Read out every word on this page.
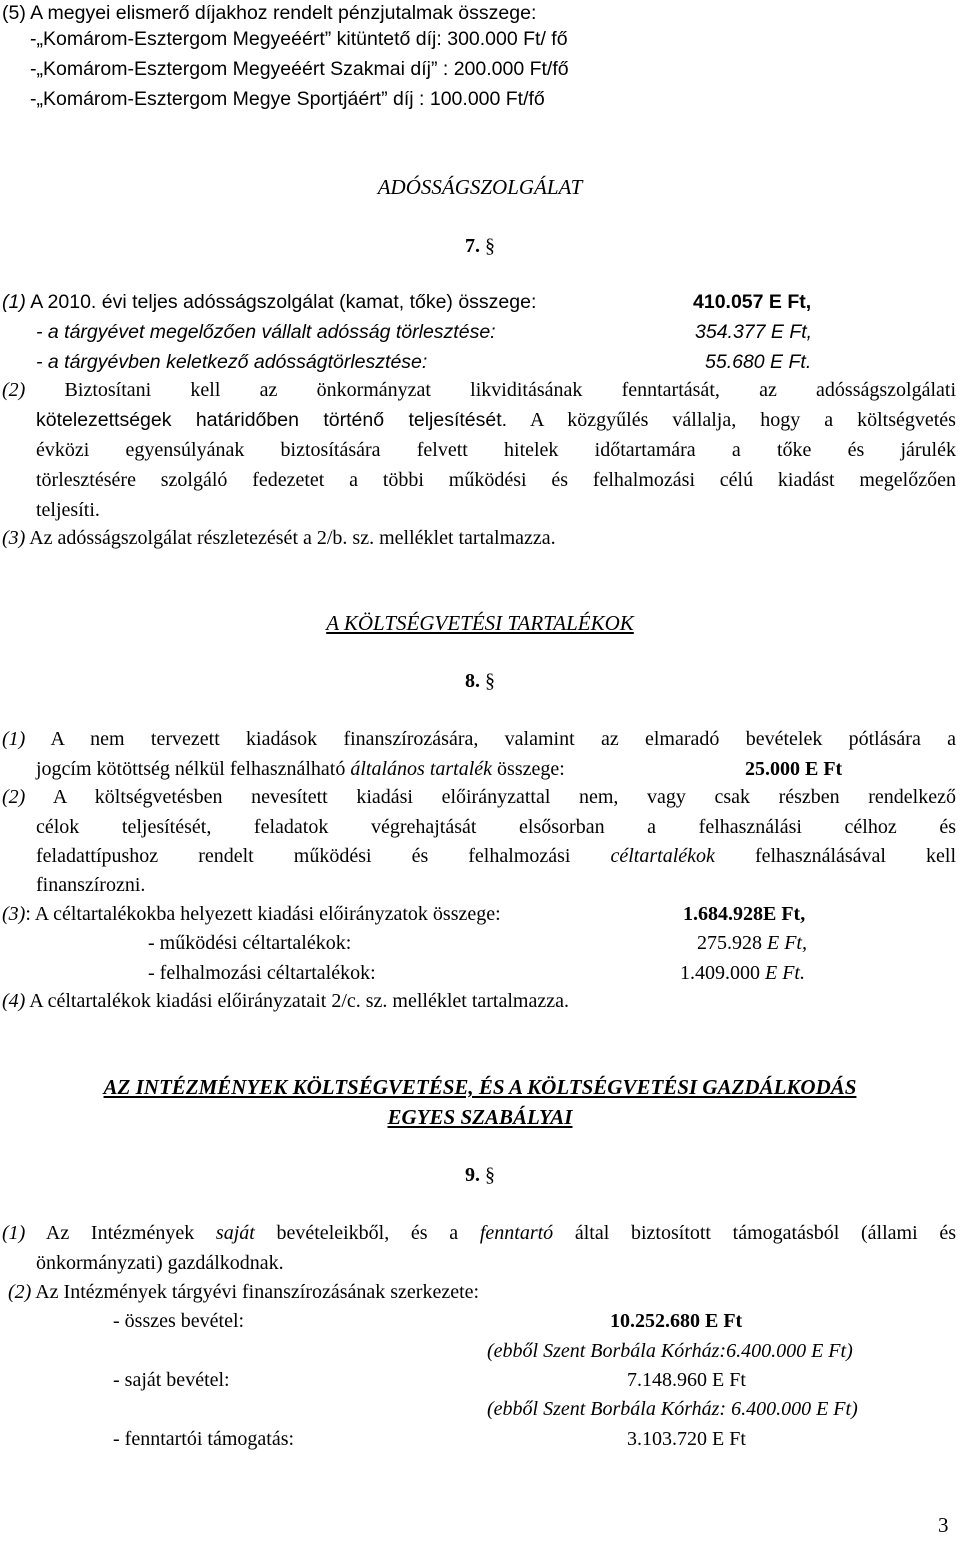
(5) A megyei elismerő díjakhoz rendelt pénzjutalmak összege:
-„Komárom-Esztergom Megyeéért” kitüntető díj: 300.000 Ft/ fő
-„Komárom-Esztergom Megyeéért Szakmai díj” : 200.000 Ft/fő
-„Komárom-Esztergom Megye Sportjáért” díj : 100.000 Ft/fő
ADÓSSÁGSZOLGÁLAT
7. §
(1) A 2010. évi teljes adósságszolgálat (kamat, tőke) összege:	410.057 E Ft,
- a tárgyévet megelőzően vállalt adósság törlesztése:	354.377 E Ft,
- a tárgyévben keletkező adósságtörlesztése:	55.680 E Ft.
(2) Biztosítani kell az önkormányzat likviditásának fenntartását, az adósságszolgálati
kötelezettségek határidőben történő teljesítését. A közgyűlés vállalja, hogy a költségvetés
évközi egyensúlyának biztosítására felvett hitelek időtartamára a tőke és járulék
törlesztésére szolgáló fedezetet a többi működési és felhalmozási célú kiadást megelőzően
teljesíti.
(3) Az adósságszolgálat részletezését a 2/b. sz. melléklet tartalmazza.
A KÖLTSÉGVETÉSI TARTALÉKOK
8. §
(1) A nem tervezett kiadások finanszírozására, valamint az elmaradó bevételek pótlására a
jogcím kötöttség nélkül felhasználható általános tartalék összege:	25.000 E Ft
(2) A költségvetésben nevesített kiadási előirányzattal nem, vagy csak részben rendelkező
célok teljesítését, feladatok végrehajtását elsősorban a felhasználási célhoz és
feladattípushoz rendelt működési és felhalmozási céltartalékok felhasználásával kell
finanszírozni.
(3): A céltartalékokba helyezett kiadási előirányzatok összege:	1.684.928E Ft,
- működési céltartalékok:	275.928 E Ft,
- felhalmozási céltartalékok:	1.409.000 E Ft.
(4) A céltartalékok kiadási előirányzatait 2/c. sz. melléklet tartalmazza.
AZ INTÉZMÉNYEK KÖLTSÉGVETÉSE, ÉS A KÖLTSÉGVETÉSI GAZDÁLKODÁS
EGYES SZABÁLYAI
9. §
(1) Az Intézmények saját bevételeikből, és a fenntartó által biztosított támogatásból (állami és
önkormányzati) gazdálkodnak.
(2) Az Intézmények tárgyévi finanszírozásának szerkezete:
- összes bevétel:	10.252.680 E Ft
(ebből Szent Borbála Kórház:6.400.000 E Ft)
- saját bevétel:	7.148.960 E Ft
(ebből Szent Borbála Kórház: 6.400.000 E Ft)
- fenntartói támogatás:	3.103.720 E Ft
3
